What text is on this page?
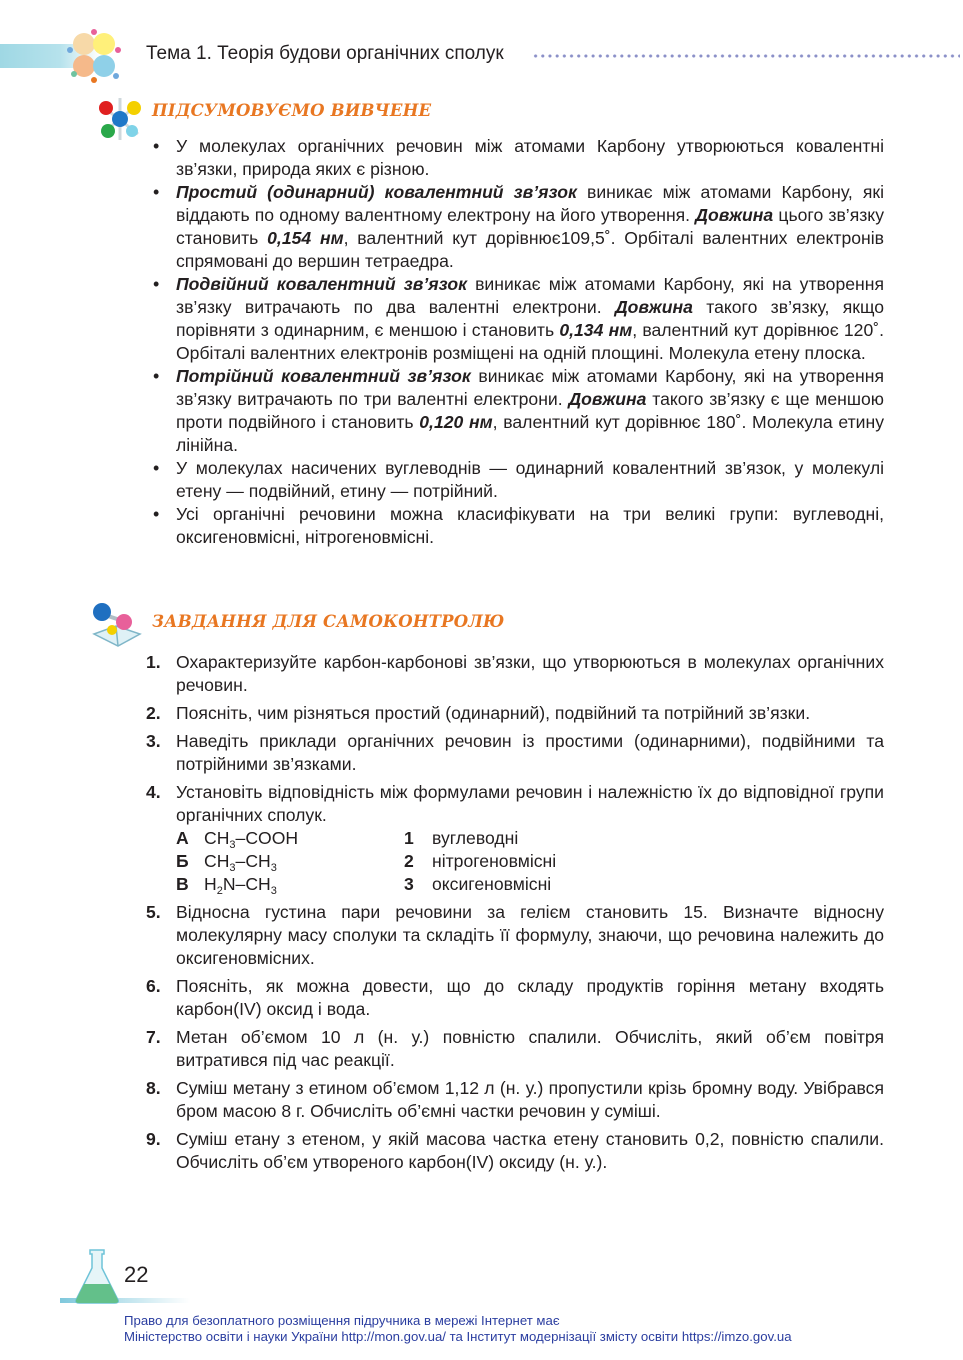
Тема 1. Теорія будови органічних сполук
ПІДСУМОВУЄМО ВИВЧЕНЕ
• У молекулах органічних речовин між атомами Карбону утворюються ковалентні зв’язки, природа яких є різною.
• Простий (одинарний) ковалентний зв’язок виникає між атомами Карбону, які віддають по одному валентному електрону на його утворення. Довжина цього зв’язку становить 0,154 нм, валентний кут дорівнює109,5˚. Орбіталі валентних електронів спрямовані до вершин тетраедра.
• Подвійний ковалентний зв’язок виникає між атомами Карбону, які на утворення зв’язку витрачають по два валентні електрони. Довжина такого зв’язку, якщо порівняти з одинарним, є меншою і становить 0,134 нм, валентний кут дорівнює 120˚. Орбіталі валентних електронів розміщені на одній площині. Молекула етену плоска.
• Потрійний ковалентний зв’язок виникає між атомами Карбону, які на утворення зв’язку витрачають по три валентні електрони. Довжина такого зв’язку є ще меншою проти подвійного і становить 0,120 нм, валентний кут дорівнює 180˚. Молекула етину лінійна.
• У молекулах насичених вуглеводнів — одинарний ковалентний зв’язок, у молекулі етену — подвійний, етину — потрійний.
• Усі органічні речовини можна класифікувати на три великі групи: вуглеводні, оксигеновмісні, нітрогеновмісні.
ЗАВДАННЯ ДЛЯ САМОКОНТРОЛЮ
1. Охарактеризуйте карбон-карбонові зв’язки, що утворюються в молекулах органічних речовин.
2. Поясніть, чим різняться простий (одинарний), подвійний та потрійний зв’язки.
3. Наведіть приклади органічних речовин із простими (одинарними), подвійними та потрійними зв’язками.
4. Установіть відповідність між формулами речовин і належністю їх до відповідної групи органічних сполук.
А $CH_3$–COOH	1	вуглеводні
Б $CH_3-CH_3$	2	нітрогеновмісні
В $H_2N-CH_3$	3	оксигеновмісні
5. Відносна густина пари речовини за гелієм становить 15. Визначте відносну молекулярну масу сполуки та складіть її формулу, знаючи, що речовина належить до оксигеновмісних.
6. Поясніть, як можна довести, що до складу продуктів горіння метану входять карбон(IV) оксид і вода.
7. Метан об’ємом 10 л (н. у.) повністю спалили. Обчисліть, який об’єм повітря витратився під час реакції.
8. Суміш метану з етином об’ємом 1,12 л (н. у.) пропустили крізь бромну воду. Увібрався бром масою 8 г. Обчисліть об’ємні частки речовин у суміші.
9. Суміш етану з етеном, у якій масова частка етену становить 0,2, повністю спалили. Обчисліть об’єм утвореного карбон(IV) оксиду (н. у.).
22
Право для безоплатного розміщення підручника в мережі Інтернет має
Міністерство освіти і науки України http://mon.gov.ua/ та Інститут модернізації змісту освіти https://imzo.gov.ua
